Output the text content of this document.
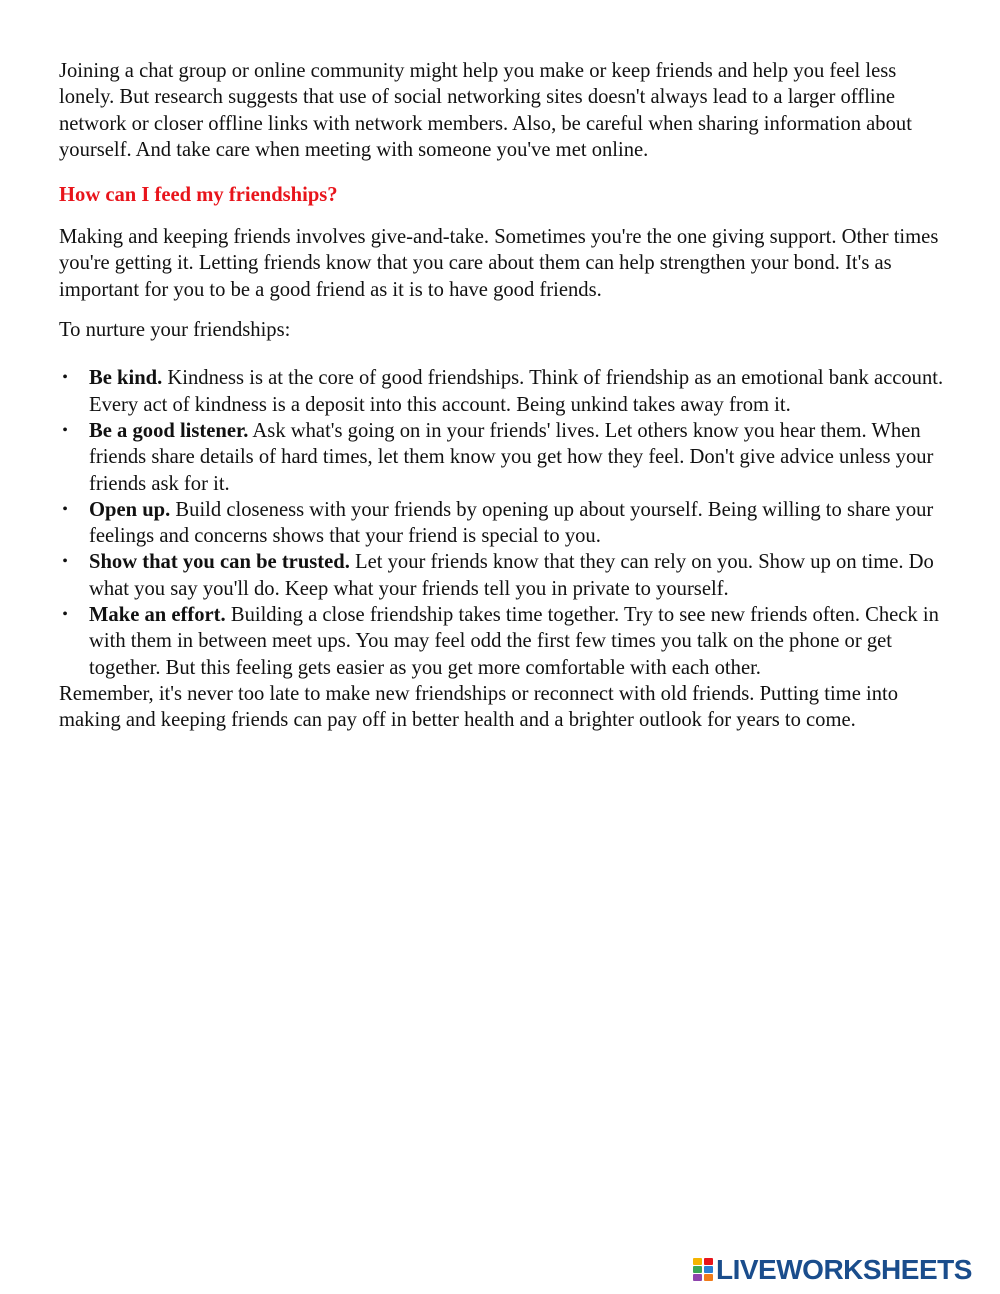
Joining a chat group or online community might help you make or keep friends and help you feel less lonely. But research suggests that use of social networking sites doesn't always lead to a larger offline network or closer offline links with network members. Also, be careful when sharing information about yourself. And take care when meeting with someone you've met online.

How can I feed my friendships?

Making and keeping friends involves give-and-take. Sometimes you're the one giving support. Other times you're getting it. Letting friends know that you care about them can help strengthen your bond. It's as important for you to be a good friend as it is to have good friends.

To nurture your friendships:

• Be kind. Kindness is at the core of good friendships. Think of friendship as an emotional bank account. Every act of kindness is a deposit into this account. Being unkind takes away from it.
• Be a good listener. Ask what's going on in your friends' lives. Let others know you hear them. When friends share details of hard times, let them know you get how they feel. Don't give advice unless your friends ask for it.
• Open up. Build closeness with your friends by opening up about yourself. Being willing to share your feelings and concerns shows that your friend is special to you.
• Show that you can be trusted. Let your friends know that they can rely on you. Show up on time. Do what you say you'll do. Keep what your friends tell you in private to yourself.
• Make an effort. Building a close friendship takes time together. Try to see new friends often. Check in with them in between meet ups. You may feel odd the first few times you talk on the phone or get together. But this feeling gets easier as you get more comfortable with each other.

Remember, it's never too late to make new friendships or reconnect with old friends. Putting time into making and keeping friends can pay off in better health and a brighter outlook for years to come.

LIVEWORKSHEETS
